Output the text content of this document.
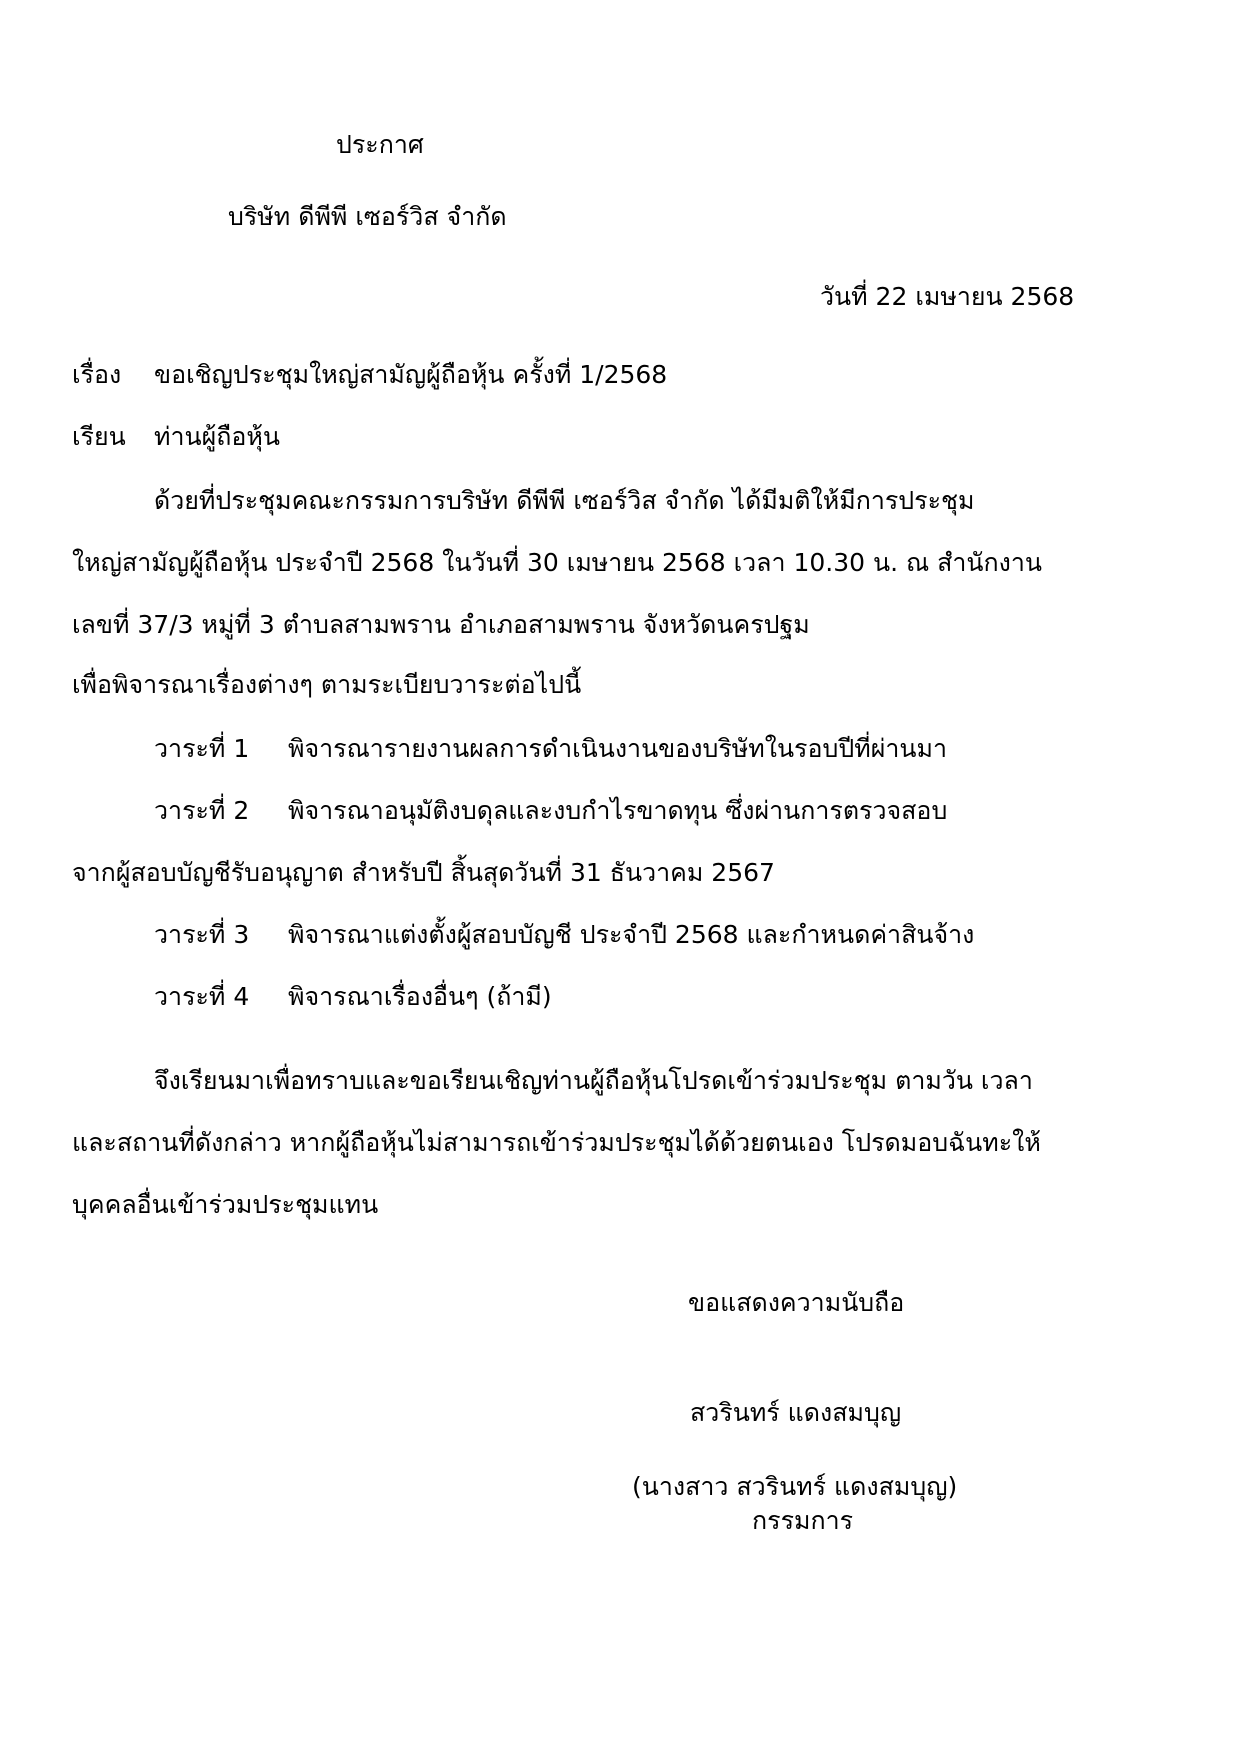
ประกาศ
บริษัท ดีพีพี เซอร์วิส จำกัด
วันที่ 22 เมษายน 2568
เรื่อง ขอเชิญประชุมใหญ่สามัญผู้ถือหุ้น ครั้งที่ 1/2568
เรียน ท่านผู้ถือหุ้น
ด้วยที่ประชุมคณะกรรมการบริษัท ดีพีพี เซอร์วิส จำกัด ได้มีมติให้มีการประชุม
ใหญ่สามัญผู้ถือหุ้น ประจำปี 2568 ในวันที่ 30 เมษายน 2568 เวลา 10.30 น. ณ สำนักงาน
เลขที่ 37/3 หมู่ที่ 3 ตำบลสามพราน อำเภอสามพราน จังหวัดนครปฐม
เพื่อพิจารณาเรื่องต่างๆ ตามระเบียบวาระต่อไปนี้
วาระที่ 1 พิจารณารายงานผลการดำเนินงานของบริษัทในรอบปีที่ผ่านมา
วาระที่ 2 พิจารณาอนุมัติงบดุลและงบกำไรขาดทุน ซึ่งผ่านการตรวจสอบ
จากผู้สอบบัญชีรับอนุญาต สำหรับปี สิ้นสุดวันที่ 31 ธันวาคม 2567
วาระที่ 3 พิจารณาแต่งตั้งผู้สอบบัญชี ประจำปี 2568 และกำหนดค่าสินจ้าง
วาระที่ 4 พิจารณาเรื่องอื่นๆ (ถ้ามี)
จึงเรียนมาเพื่อทราบและขอเรียนเชิญท่านผู้ถือหุ้นโปรดเข้าร่วมประชุม ตามวัน เวลา
และสถานที่ดังกล่าว หากผู้ถือหุ้นไม่สามารถเข้าร่วมประชุมได้ด้วยตนเอง โปรดมอบฉันทะให้
บุคคลอื่นเข้าร่วมประชุมแทน
ขอแสดงความนับถือ
สวรินทร์ แดงสมบุญ
(นางสาว สวรินทร์ แดงสมบุญ)
กรรมการ
